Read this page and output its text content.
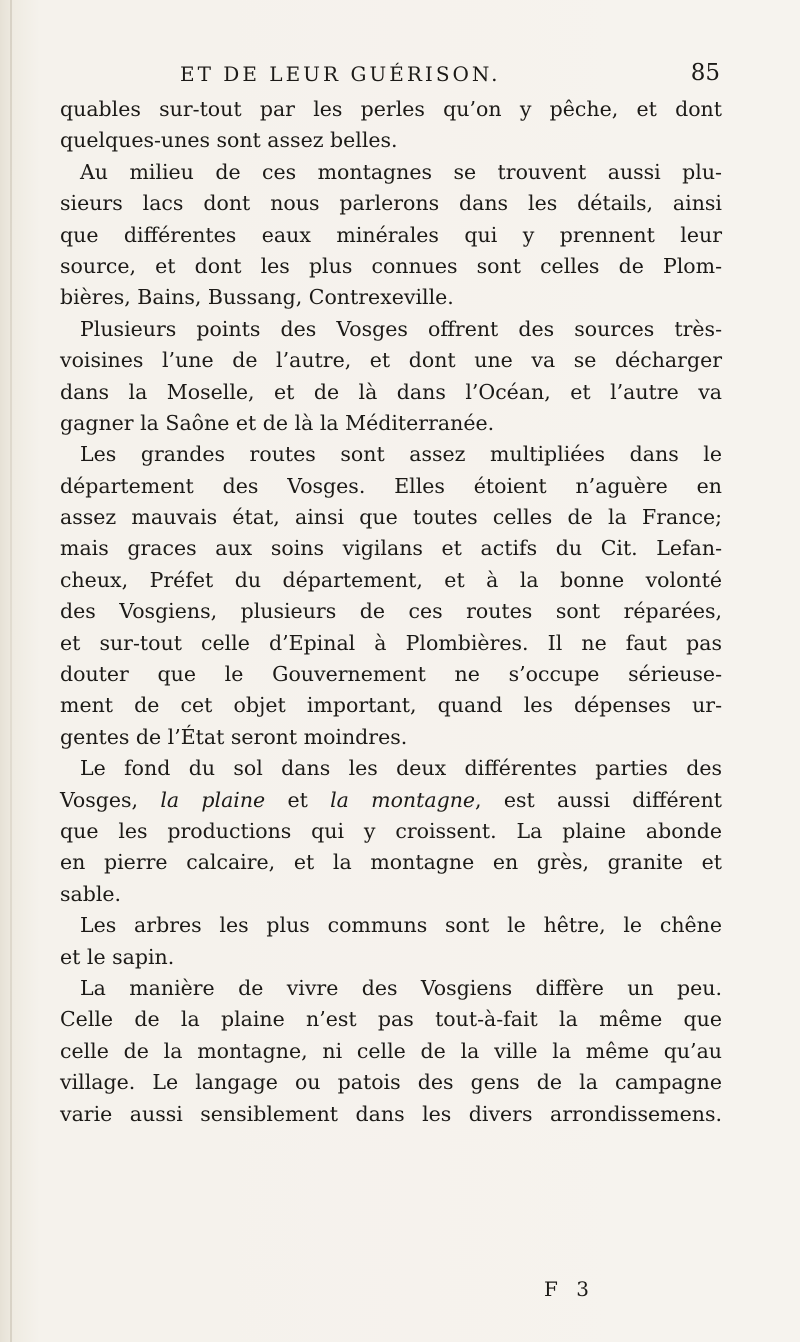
ET DE LEUR GUÉRISON.	85
quables sur-tout par les perles qu’on y pêche, et dont
quelques-unes sont assez belles.
Au milieu de ces montagnes se trouvent aussi plu-
sieurs lacs dont nous parlerons dans les détails, ainsi
que différentes eaux minérales qui y prennent leur
source, et dont les plus connues sont celles de Plom-
bières, Bains, Bussang, Contrexeville.
Plusieurs points des Vosges offrent des sources très-
voisines l’une de l’autre, et dont une va se décharger
dans la Moselle, et de là dans l’Océan, et l’autre va
gagner la Saône et de là la Méditerranée.
Les grandes routes sont assez multipliées dans le
département des Vosges. Elles étoient n’aguère en
assez mauvais état, ainsi que toutes celles de la France;
mais graces aux soins vigilans et actifs du Cit. Lefan-
cheux, Préfet du département, et à la bonne volonté
des Vosgiens, plusieurs de ces routes sont réparées,
et sur-tout celle d’Epinal à Plombières. Il ne faut pas
douter que le Gouvernement ne s’occupe sérieuse-
ment de cet objet important, quand les dépenses ur-
gentes de l’État seront moindres.
Le fond du sol dans les deux différentes parties des
Vosges, la plaine et la montagne, est aussi différent
que les productions qui y croissent. La plaine abonde
en pierre calcaire, et la montagne en grès, granite et
sable.
Les arbres les plus communs sont le hêtre, le chêne
et le sapin.
La manière de vivre des Vosgiens diffère un peu.
Celle de la plaine n’est pas tout-à-fait la même que
celle de la montagne, ni celle de la ville la même qu’au
village. Le langage ou patois des gens de la campagne
varie aussi sensiblement dans les divers arrondissemens.
F 3
